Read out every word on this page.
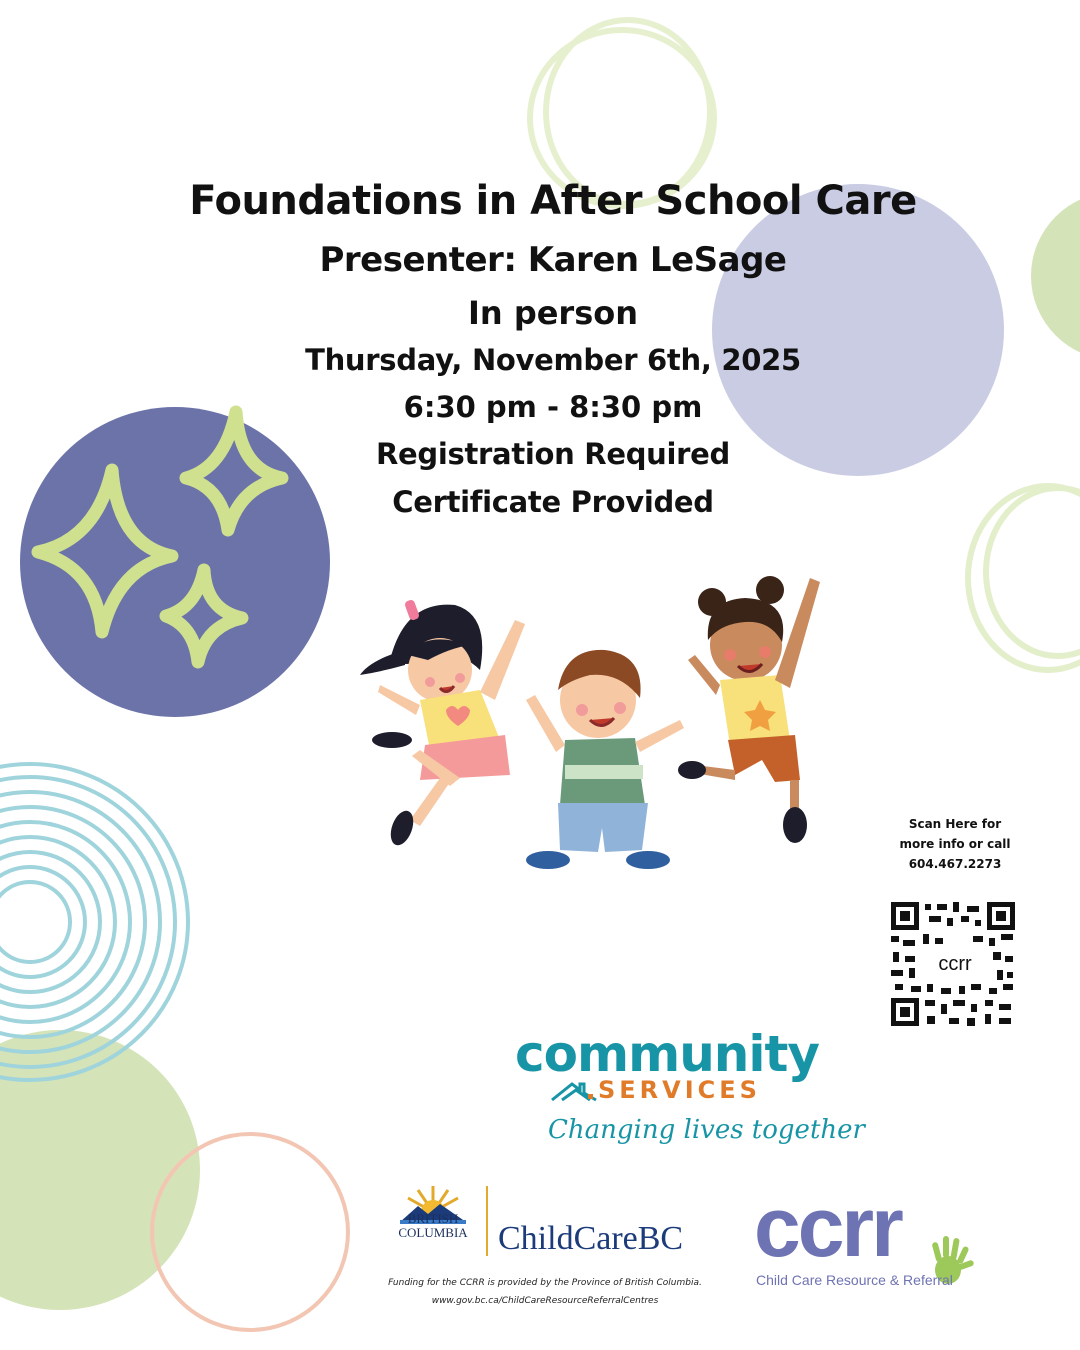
Foundations in After School Care
Presenter: Karen LeSage
In person
Thursday, November 6th, 2025
6:30 pm - 8:30 pm
Registration Required
Certificate Provided
Scan Here for
more info or call
604.467.2273
ccrr
community
SERVICES
Changing lives together
BRITISH
COLUMBIA ChildCareBC
Funding for the CCRR is provided by the Province of British Columbia.
www.gov.bc.ca/ChildCareResourceReferralCentres
ccrr
Child Care Resource & Referral
